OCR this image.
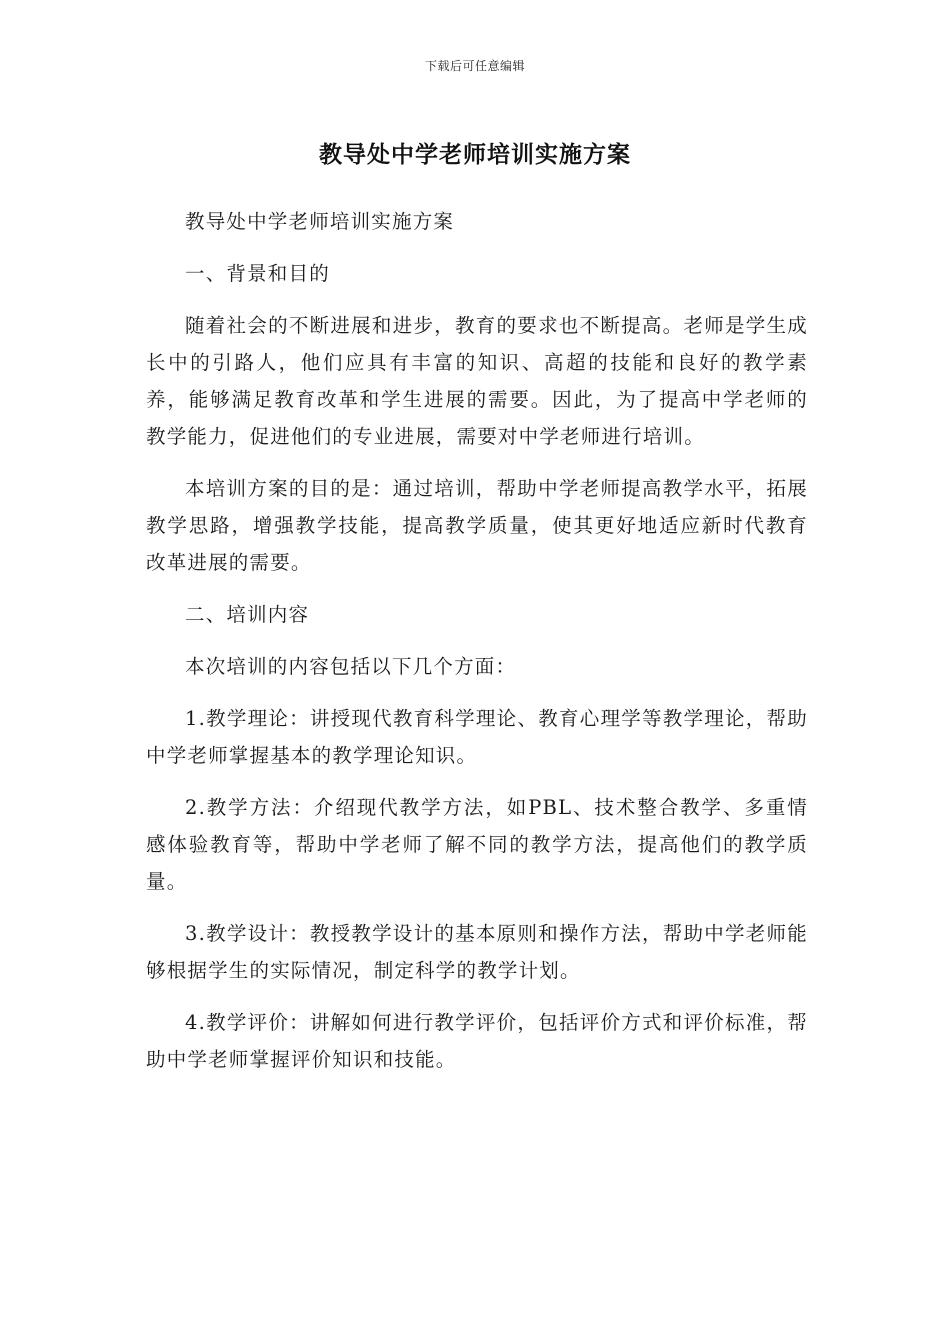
下载后可任意编辑
教导处中学老师培训实施方案

教导处中学老师培训实施方案

一、背景和目的

随着社会的不断进展和进步，教育的要求也不断提高。老师是学生成长中的引路人，他们应具有丰富的知识、高超的技能和良好的教学素养，能够满足教育改革和学生进展的需要。因此，为了提高中学老师的教学能力，促进他们的专业进展，需要对中学老师进行培训。

本培训方案的目的是：通过培训，帮助中学老师提高教学水平，拓展教学思路，增强教学技能，提高教学质量，使其更好地适应新时代教育改革进展的需要。

二、培训内容

本次培训的内容包括以下几个方面：

1.教学理论：讲授现代教育科学理论、教育心理学等教学理论，帮助中学老师掌握基本的教学理论知识。

2.教学方法：介绍现代教学方法，如PBL、技术整合教学、多重情感体验教育等，帮助中学老师了解不同的教学方法，提高他们的教学质量。

3.教学设计：教授教学设计的基本原则和操作方法，帮助中学老师能够根据学生的实际情况，制定科学的教学计划。

4.教学评价：讲解如何进行教学评价，包括评价方式和评价标准，帮助中学老师掌握评价知识和技能。
